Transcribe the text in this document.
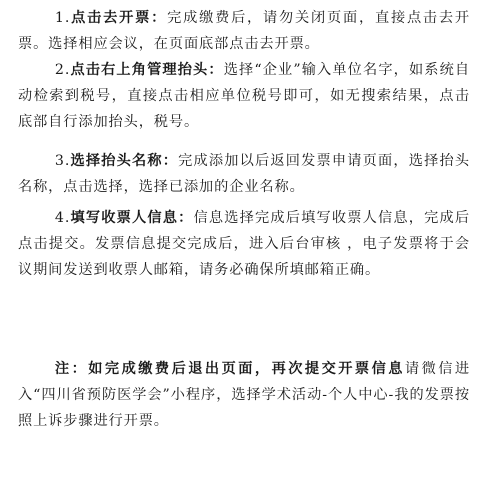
1.点击去开票：完成缴费后，请勿关闭页面，直接点击去开票。选择相应会议，在页面底部点击去开票。

2.点击右上角管理抬头：选择“企业”输入单位名字，如系统自动检索到税号，直接点击相应单位税号即可，如无搜索结果，点击底部自行添加抬头，税号。

3.选择抬头名称：完成添加以后返回发票申请页面，选择抬头名称，点击选择，选择已添加的企业名称。

4.填写收票人信息：信息选择完成后填写收票人信息，完成后点击提交。发票信息提交完成后，进入后台审核 ，电子发票将于会议期间发送到收票人邮箱，请务必确保所填邮箱正确。

注：如完成缴费后退出页面，再次提交开票信息请微信进入“四川省预防医学会”小程序，选择学术活动-个人中心-我的发票按照上诉步骤进行开票。
